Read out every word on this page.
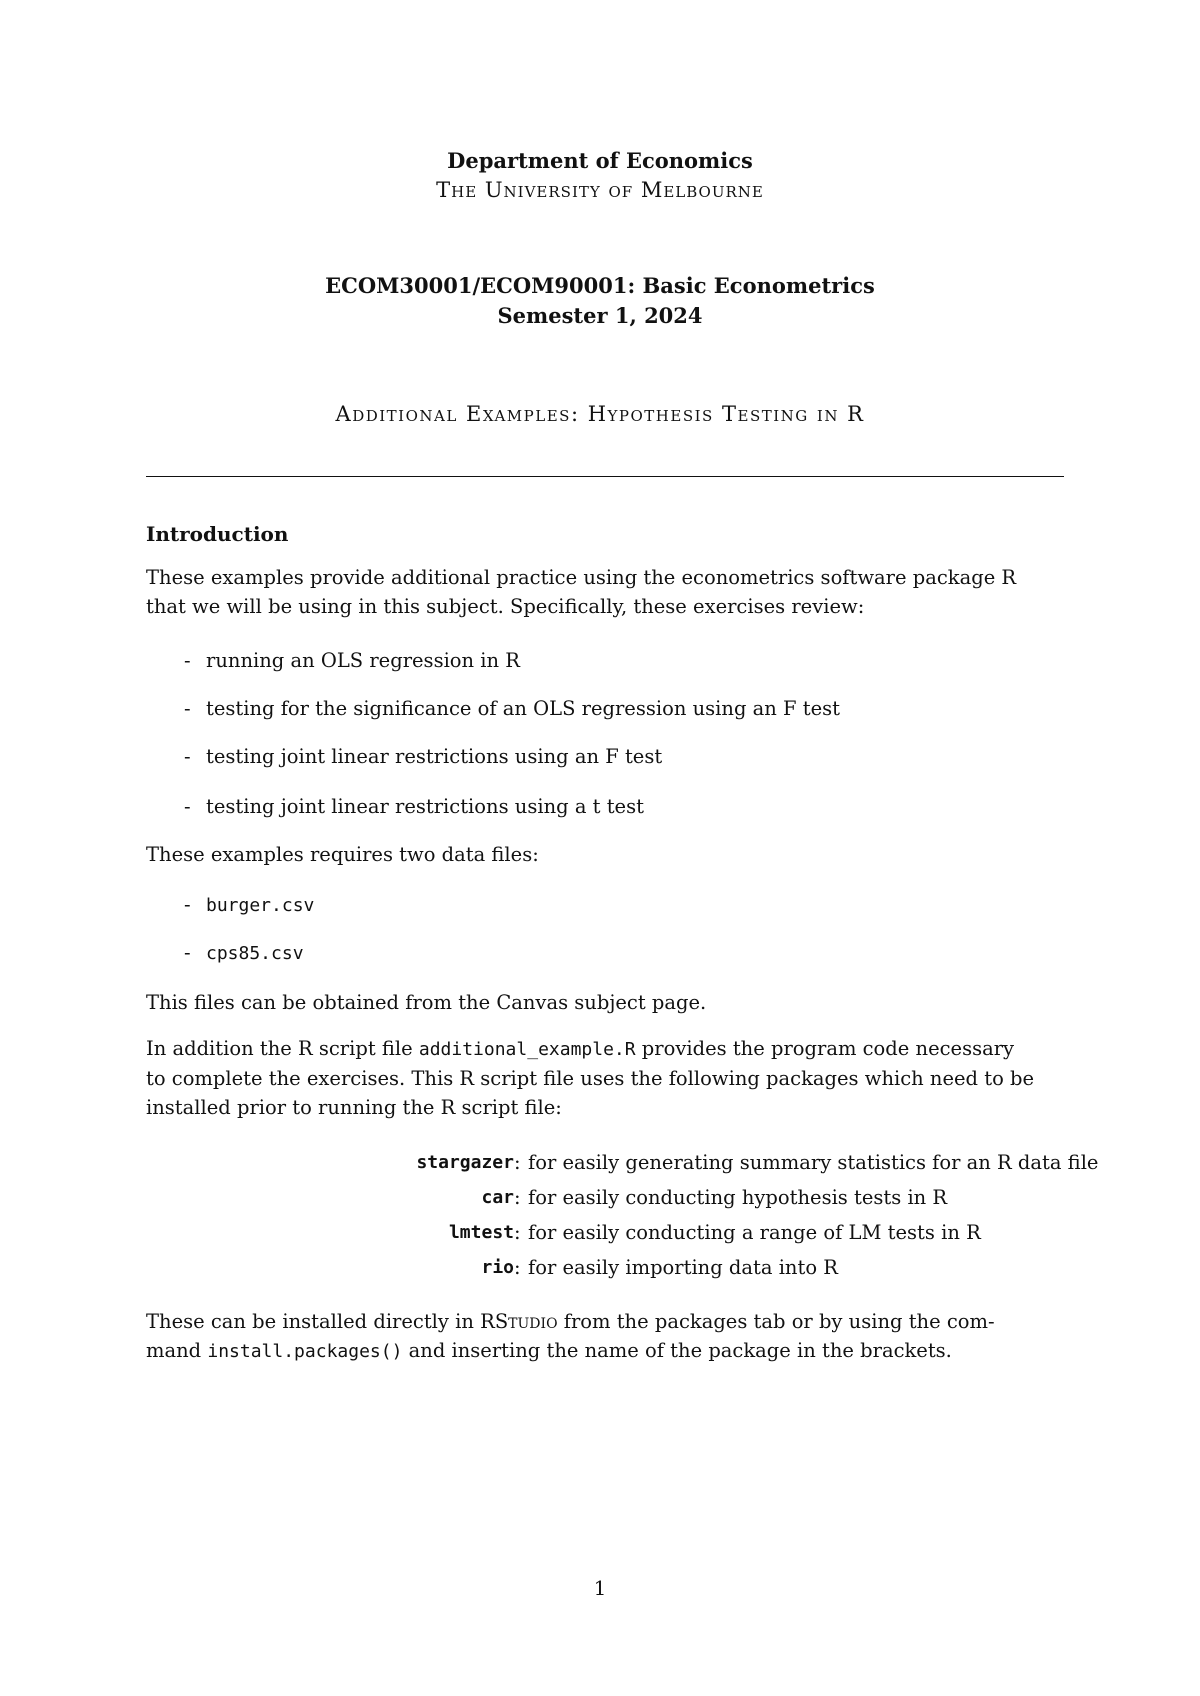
Department of Economics
The University of Melbourne
ECOM30001/ECOM90001: Basic Econometrics
Semester 1, 2024
Additional Examples: Hypothesis Testing in R
Introduction
These examples provide additional practice using the econometrics software package R
that we will be using in this subject. Specifically, these exercises review:
- running an OLS regression in R
- testing for the significance of an OLS regression using an F test
- testing joint linear restrictions using an F test
- testing joint linear restrictions using a t test
These examples requires two data files:
- burger.csv
- cps85.csv
This files can be obtained from the Canvas subject page.
In addition the R script file additional_example.R provides the program code necessary
to complete the exercises. This R script file uses the following packages which need to be
installed prior to running the R script file:
stargazer : for easily generating summary statistics for an R data file
car : for easily conducting hypothesis tests in R
lmtest : for easily conducting a range of LM tests in R
rio : for easily importing data into R
These can be installed directly in RStudio from the packages tab or by using the com-
mand install.packages() and inserting the name of the package in the brackets.
1
